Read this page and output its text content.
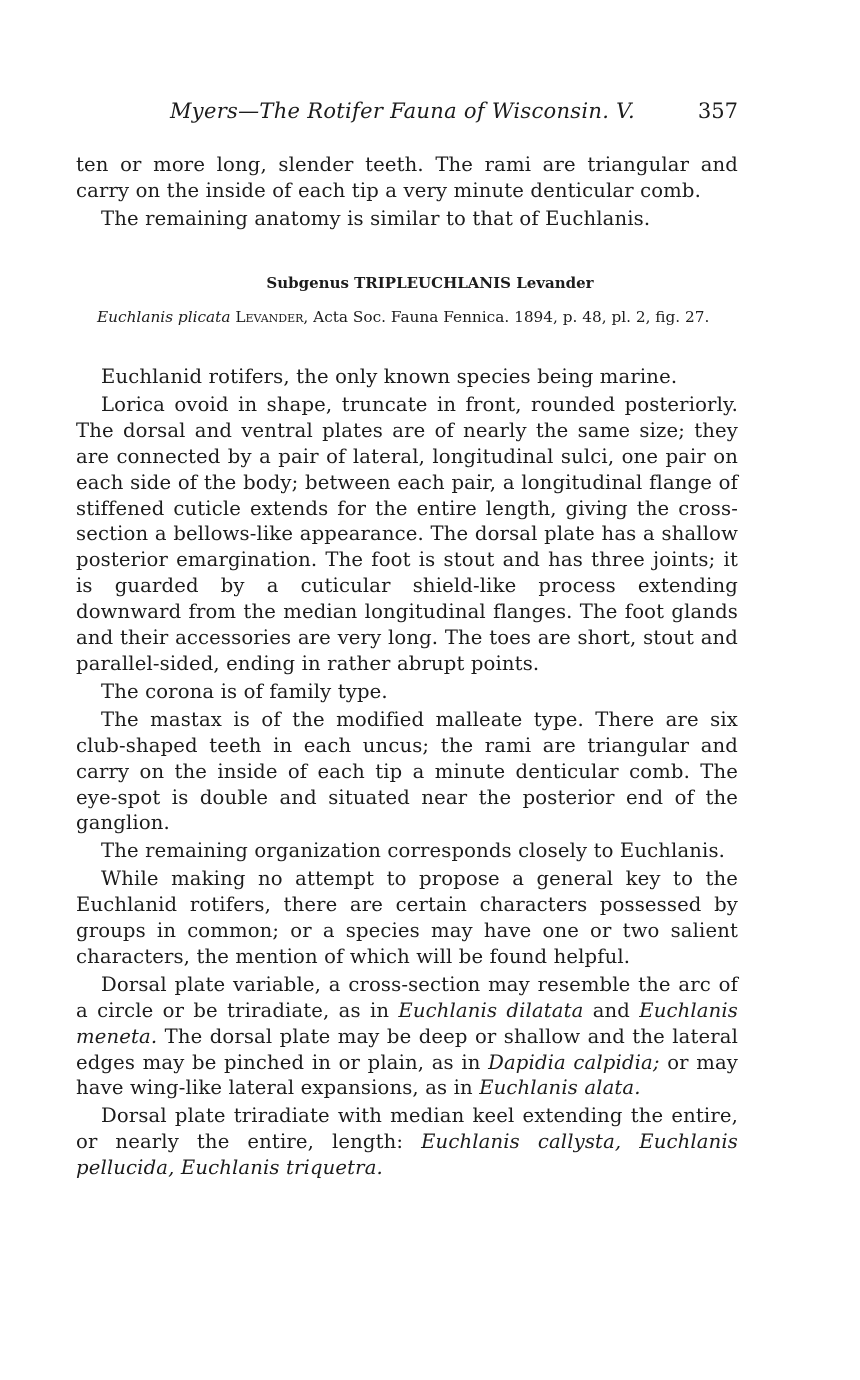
Myers—The Rotifer Fauna of Wisconsin. V.	357

ten or more long, slender teeth. The rami are triangular and carry on the inside of each tip a very minute denticular comb.

The remaining anatomy is similar to that of Euchlanis.

Subgenus TRIPLEUCHLANIS Levander
Euchlanis plicata Levander, Acta Soc. Fauna Fennica. 1894, p. 48, pl. 2, fig. 27.

Euchlanid rotifers, the only known species being marine.

Lorica ovoid in shape, truncate in front, rounded posteriorly. The dorsal and ventral plates are of nearly the same size; they are connected by a pair of lateral, longitudinal sulci, one pair on each side of the body; between each pair, a longitudinal flange of stiffened cuticle extends for the entire length, giving the cross-section a bellows-like appearance. The dorsal plate has a shallow posterior emargination. The foot is stout and has three joints; it is guarded by a cuticular shield-like process extending downward from the median longitudinal flanges. The foot glands and their accessories are very long. The toes are short, stout and parallel-sided, ending in rather abrupt points.

The corona is of family type.

The mastax is of the modified malleate type. There are six club-shaped teeth in each uncus; the rami are triangular and carry on the inside of each tip a minute denticular comb. The eye-spot is double and situated near the posterior end of the ganglion.

The remaining organization corresponds closely to Euchlanis.

While making no attempt to propose a general key to the Euchlanid rotifers, there are certain characters possessed by groups in common; or a species may have one or two salient characters, the mention of which will be found helpful.

Dorsal plate variable, a cross-section may resemble the arc of a circle or be triradiate, as in Euchlanis dilatata and Euchlanis meneta. The dorsal plate may be deep or shallow and the lateral edges may be pinched in or plain, as in Dapidia calpidia; or may have wing-like lateral expansions, as in Euchlanis alata.

Dorsal plate triradiate with median keel extending the entire, or nearly the entire, length: Euchlanis callysta, Euchlanis pellucida, Euchlanis triquetra.
